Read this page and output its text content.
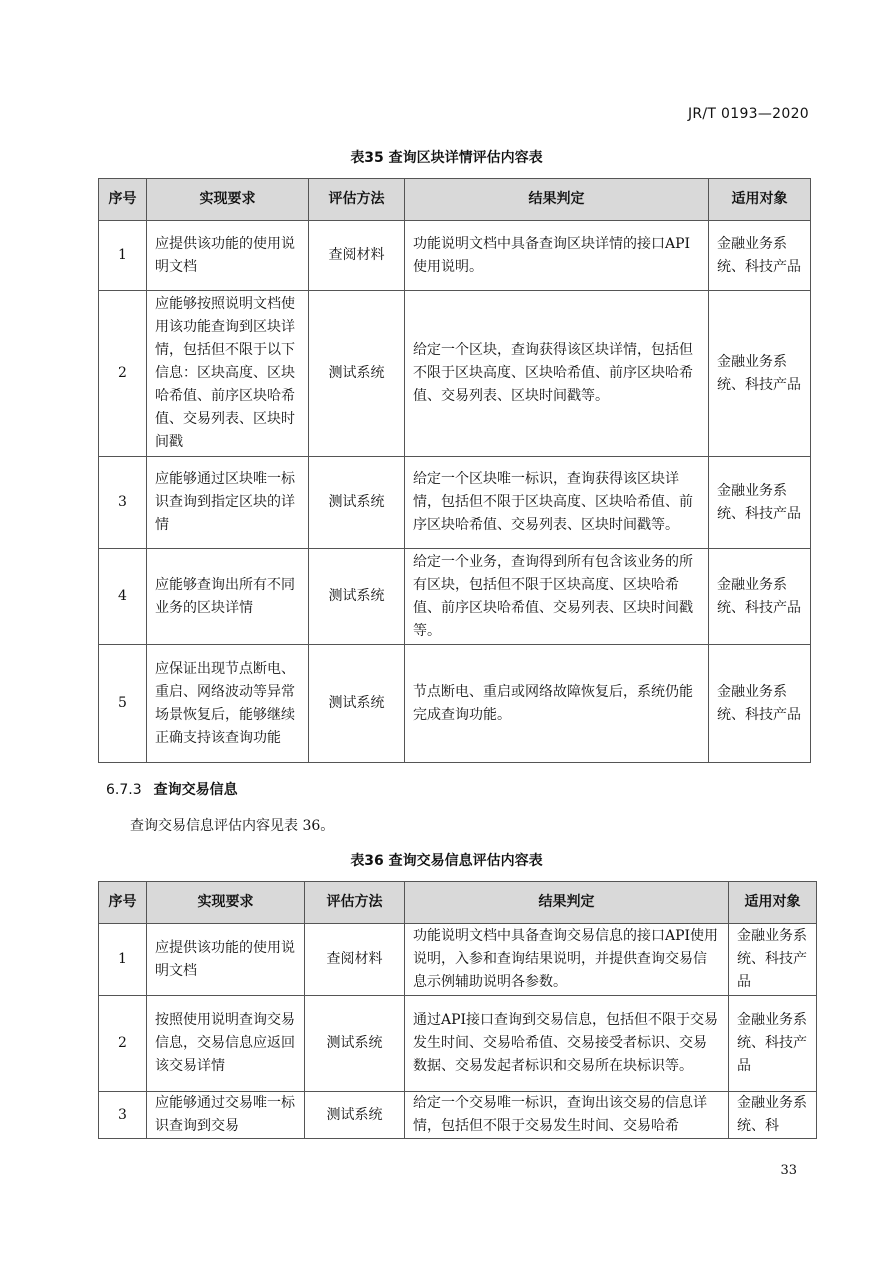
JR/T 0193—2020
表35 查询区块详情评估内容表
序号	实现要求	评估方法	结果判定	适用对象
1	应提供该功能的使用说明文档	查阅材料	功能说明文档中具备查询区块详情的接口API使用说明。	金融业务系统、科技产品
2	应能够按照说明文档使用该功能查询到区块详情，包括但不限于以下信息：区块高度、区块哈希值、前序区块哈希值、交易列表、区块时间戳	测试系统	给定一个区块，查询获得该区块详情，包括但不限于区块高度、区块哈希值、前序区块哈希值、交易列表、区块时间戳等。	金融业务系统、科技产品
3	应能够通过区块唯一标识查询到指定区块的详情	测试系统	给定一个区块唯一标识，查询获得该区块详情，包括但不限于区块高度、区块哈希值、前序区块哈希值、交易列表、区块时间戳等。	金融业务系统、科技产品
4	应能够查询出所有不同业务的区块详情	测试系统	给定一个业务，查询得到所有包含该业务的所有区块，包括但不限于区块高度、区块哈希值、前序区块哈希值、交易列表、区块时间戳等。	金融业务系统、科技产品
5	应保证出现节点断电、重启、网络波动等异常场景恢复后，能够继续正确支持该查询功能	测试系统	节点断电、重启或网络故障恢复后，系统仍能完成查询功能。	金融业务系统、科技产品
6.7.3 查询交易信息
查询交易信息评估内容见表 36。
表36 查询交易信息评估内容表
序号	实现要求	评估方法	结果判定	适用对象
1	应提供该功能的使用说明文档	查阅材料	功能说明文档中具备查询交易信息的接口API使用说明，入参和查询结果说明，并提供查询交易信息示例辅助说明各参数。	金融业务系统、科技产品
2	按照使用说明查询交易信息，交易信息应返回该交易详情	测试系统	通过API接口查询到交易信息，包括但不限于交易发生时间、交易哈希值、交易接受者标识、交易数据、交易发起者标识和交易所在块标识等。	金融业务系统、科技产品
3	应能够通过交易唯一标识查询到交易	测试系统	给定一个交易唯一标识，查询出该交易的信息详情，包括但不限于交易发生时间、交易哈希	金融业务系统、科
33
